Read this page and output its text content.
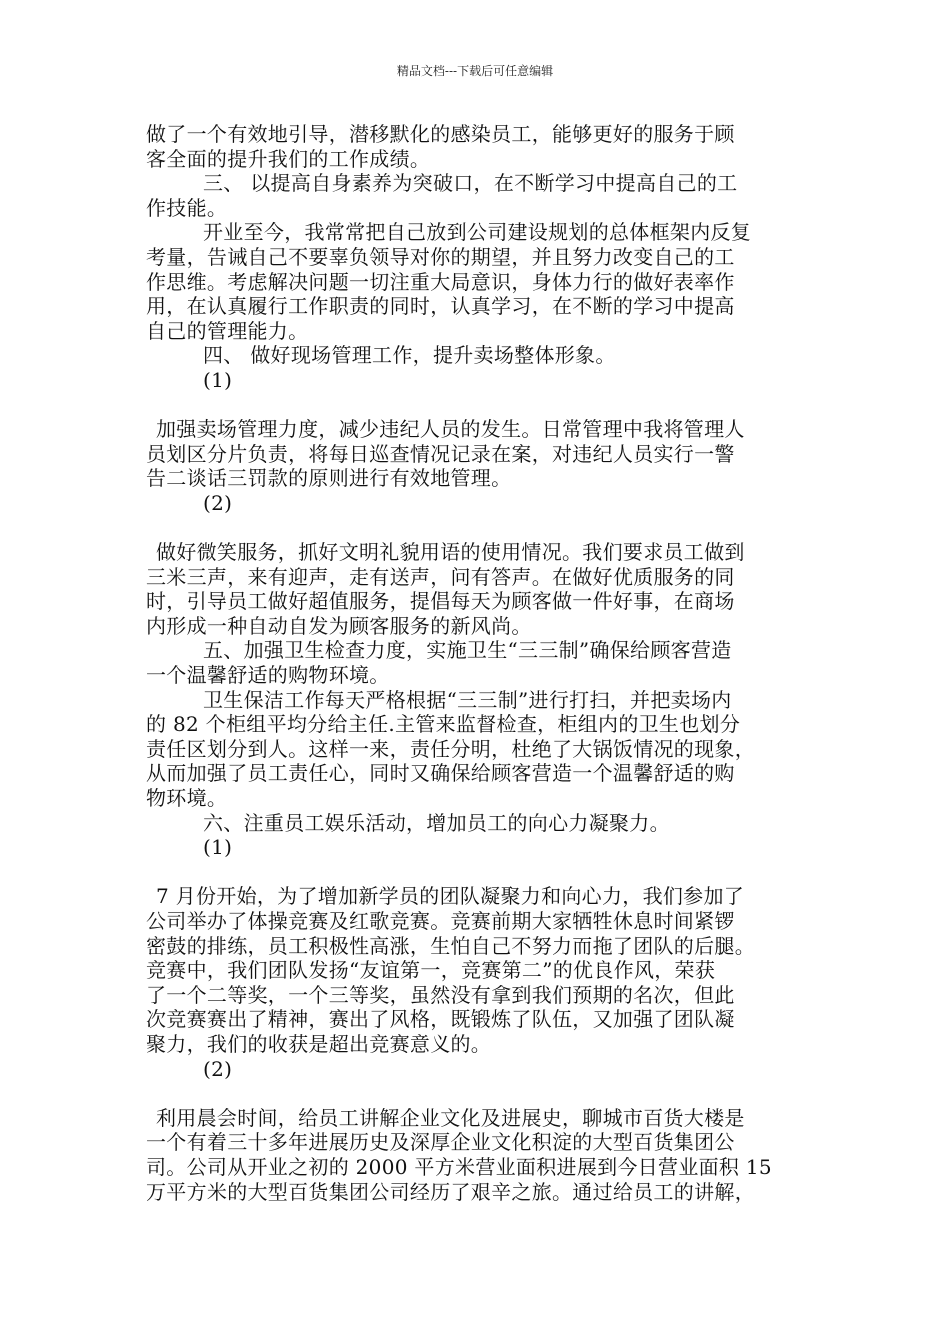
精品文档---下载后可任意编辑
做了一个有效地引导，潜移默化的感染员工，能够更好的服务于顾
客全面的提升我们的工作成绩。
三、 以提高自身素养为突破口，在不断学习中提高自己的工
作技能。
开业至今，我常常把自己放到公司建设规划的总体框架内反复
考量，告诫自己不要辜负领导对你的期望，并且努力改变自己的工
作思维。考虑解决问题一切注重大局意识，身体力行的做好表率作
用，在认真履行工作职责的同时，认真学习，在不断的学习中提高
自己的管理能力。
四、 做好现场管理工作，提升卖场整体形象。
(1)
加强卖场管理力度，减少违纪人员的发生。日常管理中我将管理人
员划区分片负责，将每日巡查情况记录在案，对违纪人员实行一警
告二谈话三罚款的原则进行有效地管理。
(2)
做好微笑服务，抓好文明礼貌用语的使用情况。我们要求员工做到
三米三声，来有迎声，走有送声，问有答声。在做好优质服务的同
时，引导员工做好超值服务，提倡每天为顾客做一件好事，在商场
内形成一种自动自发为顾客服务的新风尚。
五、加强卫生检查力度，实施卫生“三三制”确保给顾客营造
一个温馨舒适的购物环境。
卫生保洁工作每天严格根据“三三制”进行打扫，并把卖场内
的 82 个柜组平均分给主任.主管来监督检查，柜组内的卫生也划分
责任区划分到人。这样一来，责任分明，杜绝了大锅饭情况的现象，
从而加强了员工责任心，同时又确保给顾客营造一个温馨舒适的购
物环境。
六、注重员工娱乐活动，增加员工的向心力凝聚力。
(1)
7 月份开始，为了增加新学员的团队凝聚力和向心力，我们参加了
公司举办了体操竞赛及红歌竞赛。竞赛前期大家牺牲休息时间紧锣
密鼓的排练，员工积极性高涨，生怕自己不努力而拖了团队的后腿。
竞赛中，我们团队发扬“友谊第一，竞赛第二”的优良作风，荣获
了一个二等奖，一个三等奖，虽然没有拿到我们预期的名次，但此
次竞赛赛出了精神，赛出了风格，既锻炼了队伍，又加强了团队凝
聚力，我们的收获是超出竞赛意义的。
(2)
利用晨会时间，给员工讲解企业文化及进展史，聊城市百货大楼是
一个有着三十多年进展历史及深厚企业文化积淀的大型百货集团公
司。公司从开业之初的 2000 平方米营业面积进展到今日营业面积 15
万平方米的大型百货集团公司经历了艰辛之旅。通过给员工的讲解，
